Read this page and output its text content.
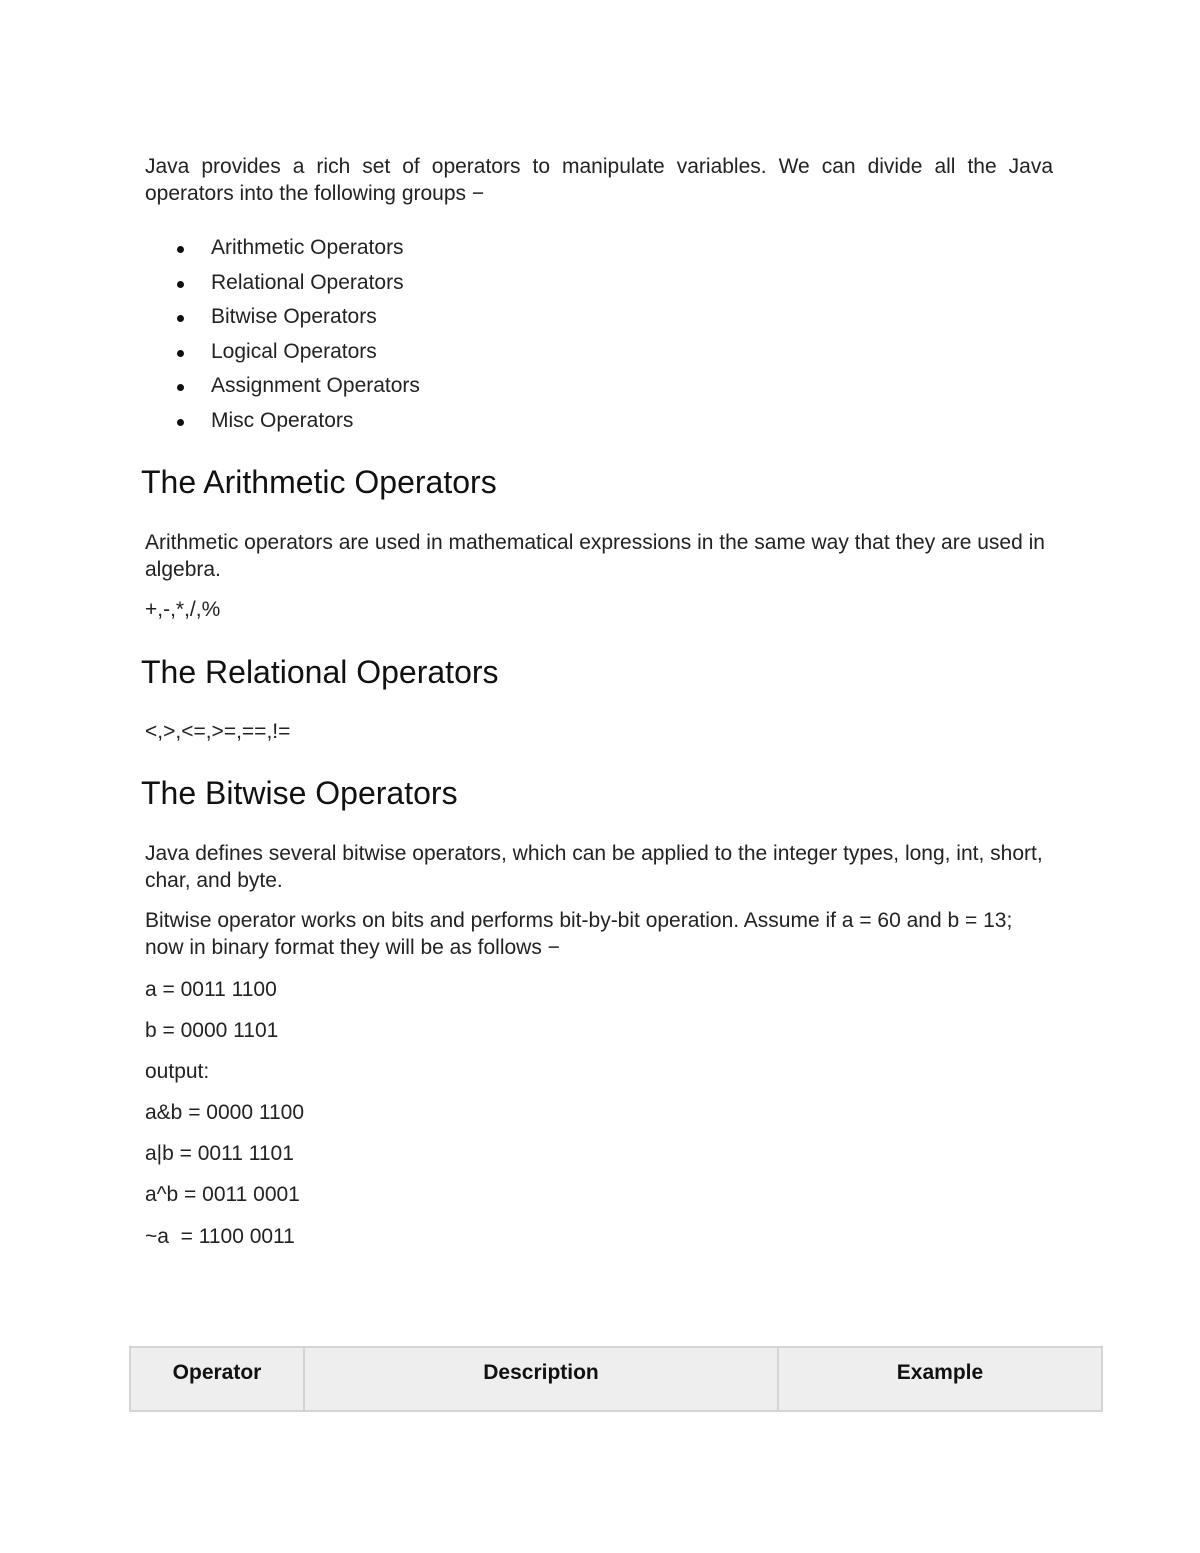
Java provides a rich set of operators to manipulate variables. We can divide all the Java operators into the following groups −

Arithmetic Operators
Relational Operators
Bitwise Operators
Logical Operators
Assignment Operators
Misc Operators
The Arithmetic Operators

Arithmetic operators are used in mathematical expressions in the same way that they are used in algebra.

+,-,*,/,%

The Relational Operators

<,>,<=,>=,==,!=

The Bitwise Operators

Java defines several bitwise operators, which can be applied to the integer types, long, int, short, char, and byte.

Bitwise operator works on bits and performs bit-by-bit operation. Assume if a = 60 and b = 13; now in binary format they will be as follows −

a = 0011 1100

b = 0000 1101

output:

a&b = 0000 1100

a|b = 0011 1101

a^b = 0011 0001

~a  = 1100 0011

Operator	Description	Example
